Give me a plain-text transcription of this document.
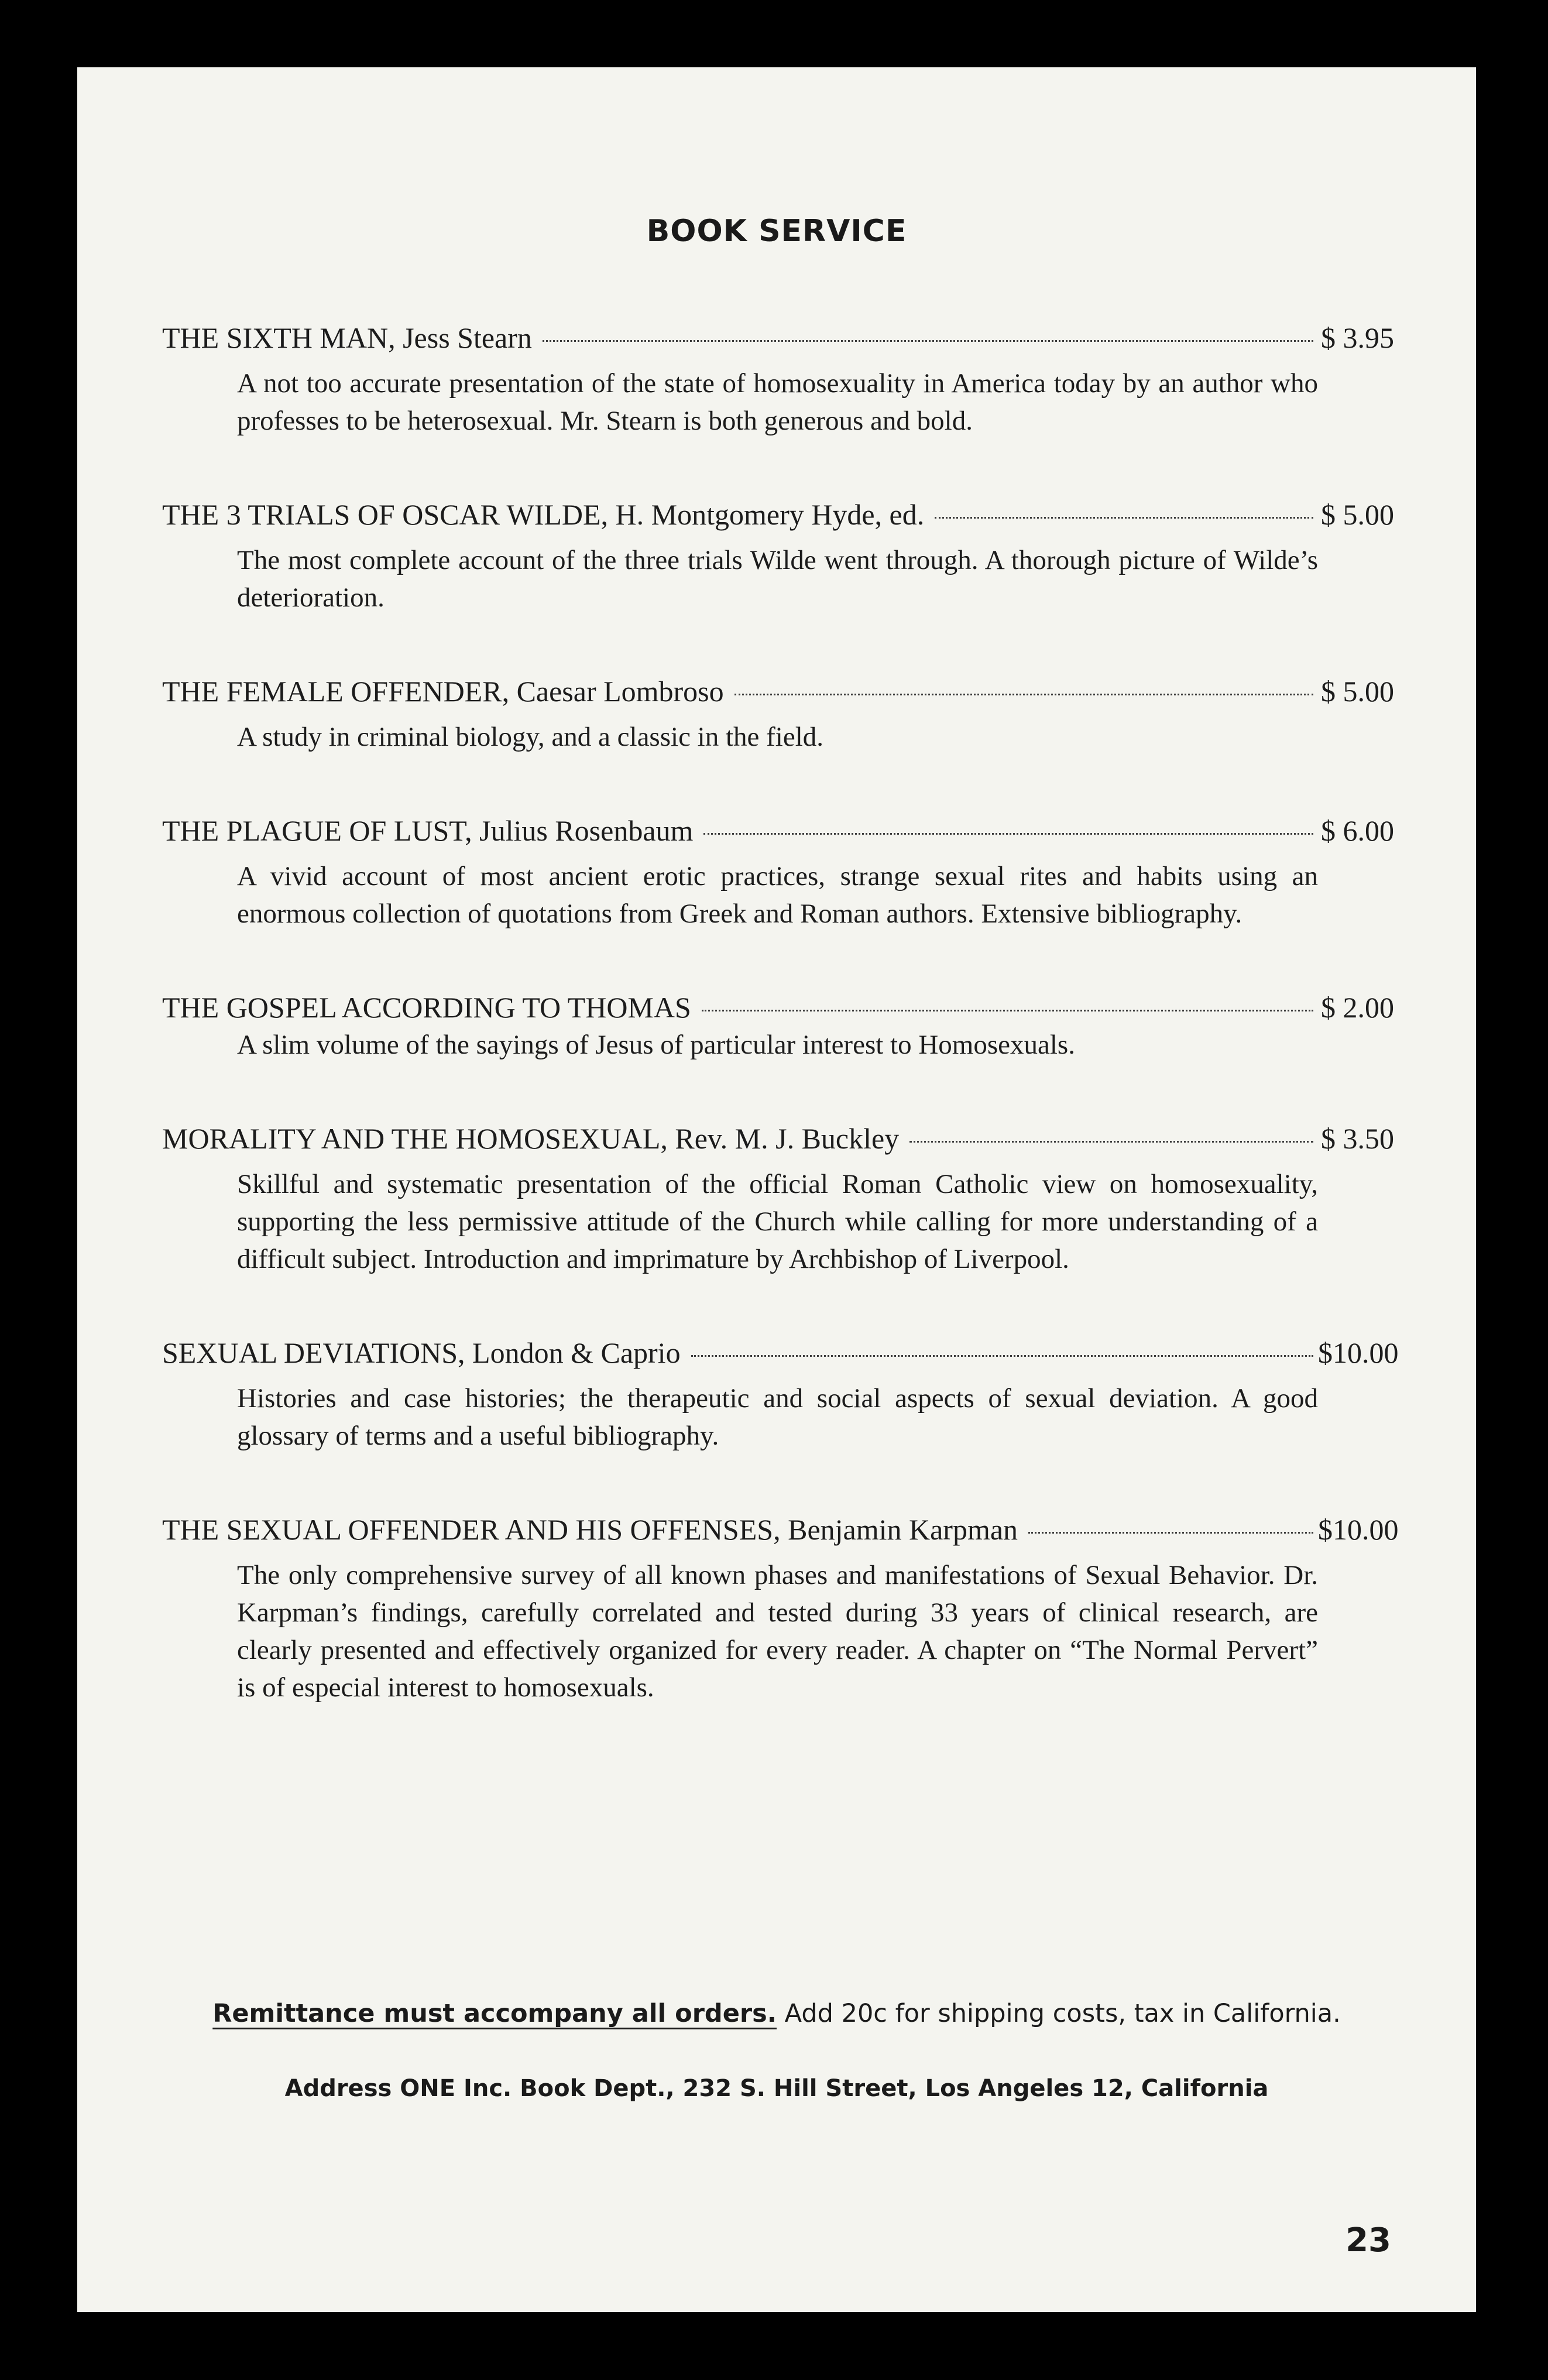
BOOK SERVICE
THE SIXTH MAN, Jess Stearn	$ 3.95
A not too accurate presentation of the state of homosexuality in America today by an author who professes to be heterosexual. Mr. Stearn is both generous and bold.
THE 3 TRIALS OF OSCAR WILDE, H. Montgomery Hyde, ed.	$ 5.00
The most complete account of the three trials Wilde went through. A thorough picture of Wilde’s deterioration.
THE FEMALE OFFENDER, Caesar Lombroso	$ 5.00
A study in criminal biology, and a classic in the field.
THE PLAGUE OF LUST, Julius Rosenbaum	$ 6.00
A vivid account of most ancient erotic practices, strange sexual rites and habits using an enormous collection of quotations from Greek and Roman authors. Extensive bibliography.
THE GOSPEL ACCORDING TO THOMAS	$ 2.00
A slim volume of the sayings of Jesus of particular interest to Homosexuals.
MORALITY AND THE HOMOSEXUAL, Rev. M. J. Buckley	$ 3.50
Skillful and systematic presentation of the official Roman Catholic view on homosexuality, supporting the less permissive attitude of the Church while calling for more understanding of a difficult subject. Introduction and imprimature by Archbishop of Liverpool.
SEXUAL DEVIATIONS, London & Caprio	$10.00
Histories and case histories; the therapeutic and social aspects of sexual deviation. A good glossary of terms and a useful bibliography.
THE SEXUAL OFFENDER AND HIS OFFENSES, Benjamin Karpman	$10.00
The only comprehensive survey of all known phases and manifestations of Sexual Behavior. Dr. Karpman’s findings, carefully correlated and tested during 33 years of clinical research, are clearly presented and effectively organized for every reader. A chapter on “The Normal Pervert” is of especial interest to homosexuals.
Remittance must accompany all orders. Add 20c for shipping costs, tax in California.
Address ONE Inc. Book Dept., 232 S. Hill Street, Los Angeles 12, California
23
